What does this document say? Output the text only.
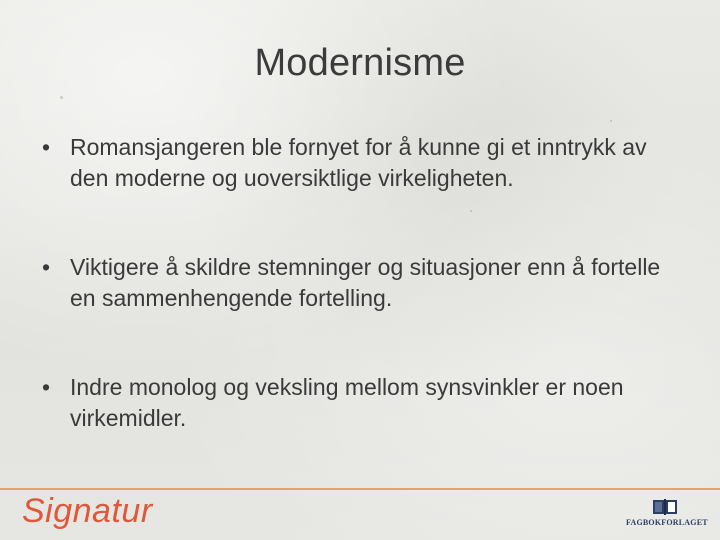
Modernisme
• Romansjangeren ble fornyet for å kunne gi et inntrykk av den moderne og uoversiktlige virkeligheten.
• Viktigere å skildre stemninger og situasjoner enn å fortelle en sammenhengende fortelling.
• Indre monolog og veksling mellom synsvinkler er noen virkemidler.
Signatur	FAGBOKFORLAGET
